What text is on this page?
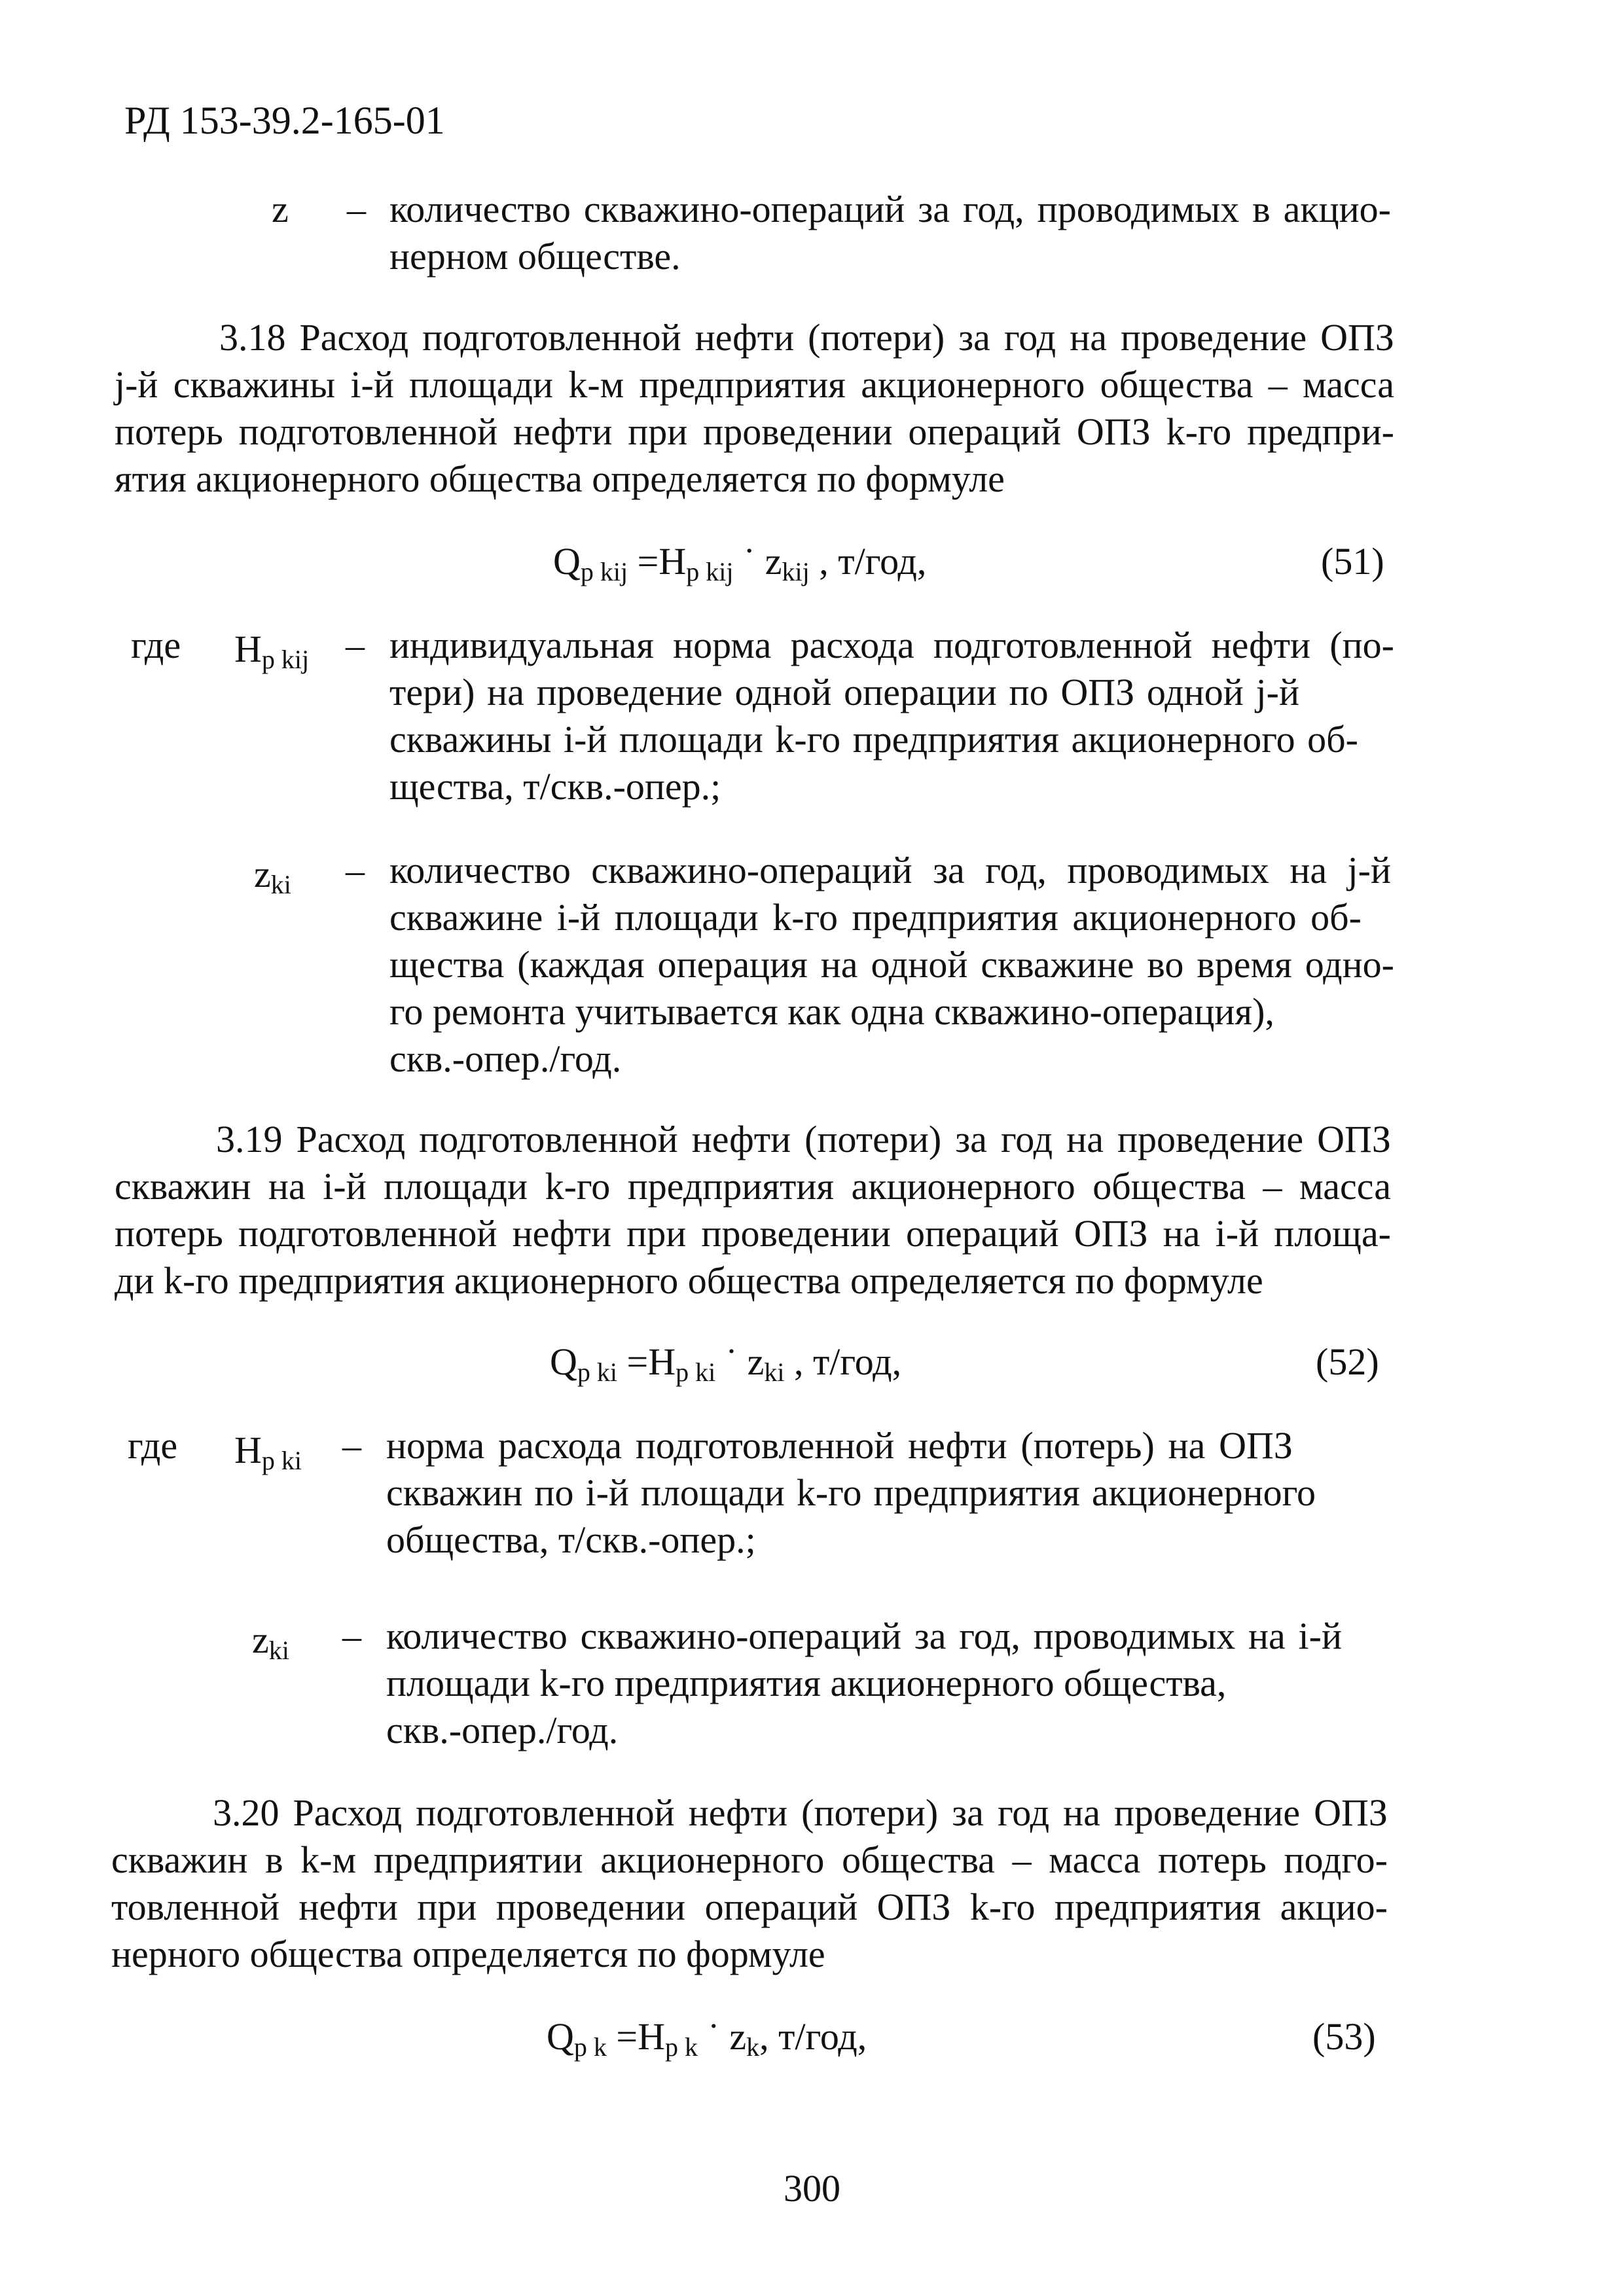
РД 153-39.2-165-01
z – количество скважино-операций за год, проводимых в акцио-
нерном обществе.
3.18 Расход подготовленной нефти (потери) за год на проведение ОПЗ
j-й скважины i-й площади k-м предприятия акционерного общества – масса
потерь подготовленной нефти при проведении операций ОПЗ k-го предпри-
ятия акционерного общества определяется по формуле
$Q_{p kij} =H_{p kij}$ ˙ $z_{kij}$ , т/год,	(51)
где $H_{p kij}$ – индивидуальная норма расхода подготовленной нефти (по-
тери) на проведение одной операции по ОПЗ одной j-й
скважины i-й площади k-го предприятия акционерного об-
щества, т/скв.-опер.;
$z_{ki}$ – количество скважино-операций за год, проводимых на j-й
скважине i-й площади k-го предприятия акционерного об-
щества (каждая операция на одной скважине во время одно-
го ремонта учитывается как одна скважино-операция),
скв.-опер./год.
3.19 Расход подготовленной нефти (потери) за год на проведение ОПЗ
скважин на i-й площади k-го предприятия акционерного общества – масса
потерь подготовленной нефти при проведении операций ОПЗ на i-й площа-
ди k-го предприятия акционерного общества определяется по формуле
$Q_{p ki} =H_{p ki}$ ˙ $z_{ki}$ , т/год,	(52)
где $H_{p ki}$ – норма расхода подготовленной нефти (потерь) на ОПЗ
скважин по i-й площади k-го предприятия акционерного
общества, т/скв.-опер.;
$z_{ki}$ – количество скважино-операций за год, проводимых на i-й
площади k-го предприятия акционерного общества,
скв.-опер./год.
3.20 Расход подготовленной нефти (потери) за год на проведение ОПЗ
скважин в k-м предприятии акционерного общества – масса потерь подго-
товленной нефти при проведении операций ОПЗ k-го предприятия акцио-
нерного общества определяется по формуле
$Q_{p k} =H_{p k}$ ˙ $z_k$, т/год,	(53)
300
